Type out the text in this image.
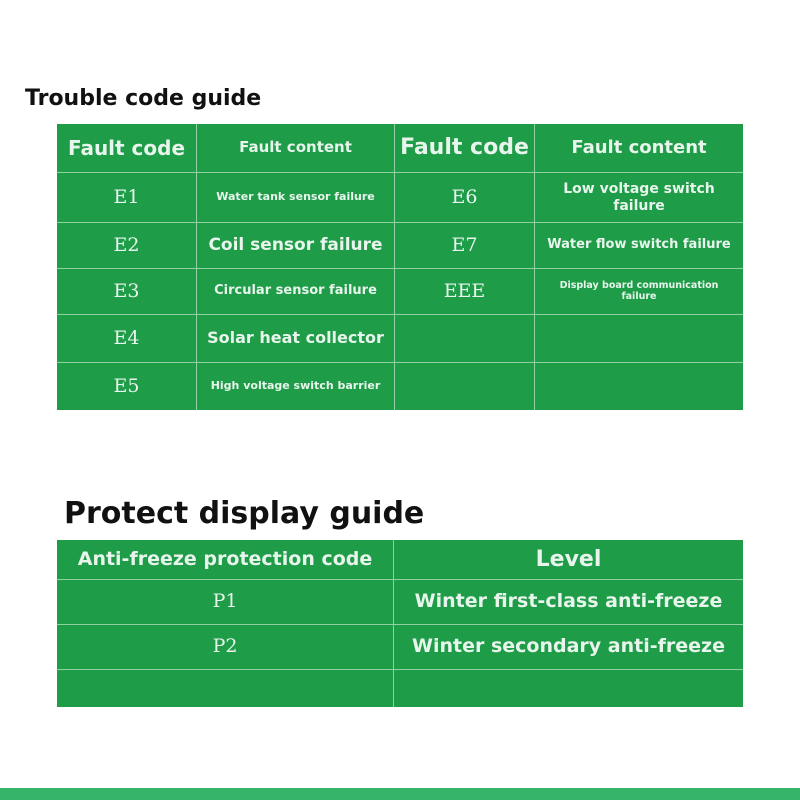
Trouble code guide
Fault code	Fault content	Fault code	Fault content
E1	Water tank sensor failure	E6	Low voltage switch failure
E2	Coil sensor failure	E7	Water flow switch failure
E3	Circular sensor failure	EEE	Display board communication failure
E4	Solar heat collector
E5	High voltage switch barrier
Protect display guide
Anti-freeze protection code	Level
P1	Winter first-class anti-freeze
P2	Winter secondary anti-freeze
